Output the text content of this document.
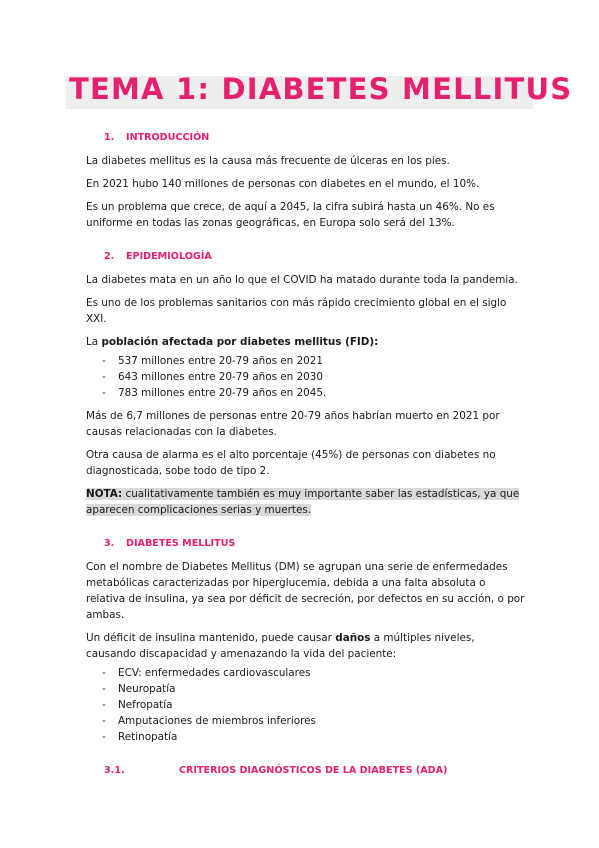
TEMA 1: DIABETES MELLITUS
1. INTRODUCCIÓN

La diabetes mellitus es la causa más frecuente de úlceras en los pies.

En 2021 hubo 140 millones de personas con diabetes en el mundo, el 10%.

Es un problema que crece, de aquí a 2045, la cifra subirá hasta un 46%. No es uniforme en todas las zonas geográficas, en Europa solo será del 13%.

2. EPIDEMIOLOGÍA

La diabetes mata en un año lo que el COVID ha matado durante toda la pandemia.

Es uno de los problemas sanitarios con más rápido crecimiento global en el siglo XXI.

La población afectada por diabetes mellitus (FID):

- 537 millones entre 20-79 años en 2021
- 643 millones entre 20-79 años en 2030
- 783 millones entre 20-79 años en 2045.

Más de 6,7 millones de personas entre 20-79 años habrían muerto en 2021 por causas relacionadas con la diabetes.

Otra causa de alarma es el alto porcentaje (45%) de personas con diabetes no diagnosticada, sobe todo de tipo 2.

NOTA: cualitativamente también es muy importante saber las estadísticas, ya que aparecen complicaciones serias y muertes.

3. DIABETES MELLITUS

Con el nombre de Diabetes Mellitus (DM) se agrupan una serie de enfermedades metabólicas caracterizadas por hiperglucemia, debida a una falta absoluta o relativa de insulina, ya sea por déficit de secreción, por defectos en su acción, o por ambas.

Un déficit de insulina mantenido, puede causar daños a múltiples niveles, causando discapacidad y amenazando la vida del paciente:

- ECV: enfermedades cardiovasculares
- Neuropatía
- Nefropatía
- Amputaciones de miembros inferiores
- Retinopatía
3.1.	CRITERIOS DIAGNÓSTICOS DE LA DIABETES (ADA)
